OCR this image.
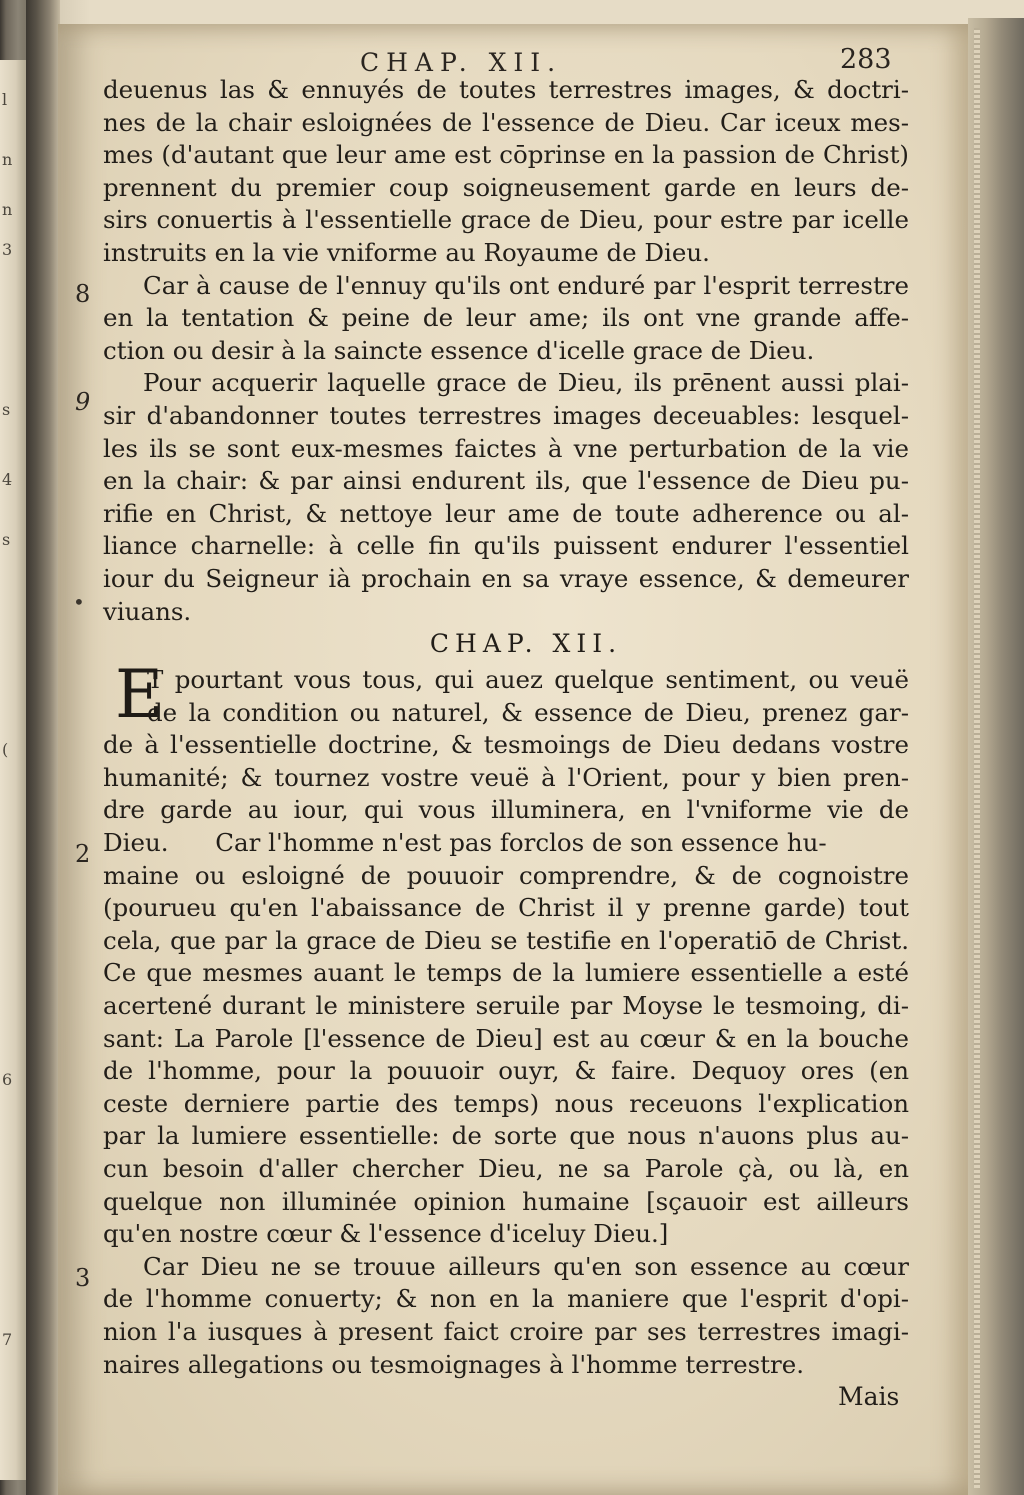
l
n
n
3
s
4
s
(
6
7
CHAP. XII.	283
8
9
2
3
•
deuenus las & ennuyés de toutes terrestres images, & doctri-
nes de la chair esloignées de l'essence de Dieu. Car iceux mes-
mes (d'autant que leur ame est cōprinse en la passion de Christ)
prennent du premier coup soigneusement garde en leurs de-
sirs conuertis à l'essentielle grace de Dieu, pour estre par icelle
instruits en la vie vniforme au Royaume de Dieu.
Car à cause de l'ennuy qu'ils ont enduré par l'esprit terrestre
en la tentation & peine de leur ame; ils ont vne grande affe-
ction ou desir à la saincte essence d'icelle grace de Dieu.
Pour acquerir laquelle grace de Dieu, ils prēnent aussi plai-
sir d'abandonner toutes terrestres images deceuables: lesquel-
les ils se sont eux-mesmes faictes à vne perturbation de la vie
en la chair: & par ainsi endurent ils, que l'essence de Dieu pu-
rifie en Christ, & nettoye leur ame de toute adherence ou al-
liance charnelle: à celle fin qu'ils puissent endurer l'essentiel
iour du Seigneur ià prochain en sa vraye essence, & demeurer
viuans.
CHAP. XII.
E
T pourtant vous tous, qui auez quelque sentiment, ou veuë
de la condition ou naturel, & essence de Dieu, prenez gar-
de à l'essentielle doctrine, & tesmoings de Dieu dedans vostre
humanité; & tournez vostre veuë à l'Orient, pour y bien pren-
dre garde au iour, qui vous illuminera, en l'vniforme vie de
Dieu.      Car l'homme n'est pas forclos de son essence hu-
maine ou esloigné de pouuoir comprendre, & de cognoistre
(pourueu qu'en l'abaissance de Christ il y prenne garde) tout
cela, que par la grace de Dieu se testifie en l'operatiō de Christ.
Ce que mesmes auant le temps de la lumiere essentielle a esté
acertené durant le ministere seruile par Moyse le tesmoing, di-
sant: La Parole [l'essence de Dieu] est au cœur & en la bouche
de l'homme, pour la pouuoir ouyr, & faire. Dequoy ores (en
ceste derniere partie des temps) nous receuons l'explication
par la lumiere essentielle: de sorte que nous n'auons plus au-
cun besoin d'aller chercher Dieu, ne sa Parole çà, ou là, en
quelque non illuminée opinion humaine [sçauoir est ailleurs
qu'en nostre cœur & l'essence d'iceluy Dieu.]
Car Dieu ne se trouue ailleurs qu'en son essence au cœur
de l'homme conuerty; & non en la maniere que l'esprit d'opi-
nion l'a iusques à present faict croire par ses terrestres imagi-
naires allegations ou tesmoignages à l'homme terrestre.
Mais
